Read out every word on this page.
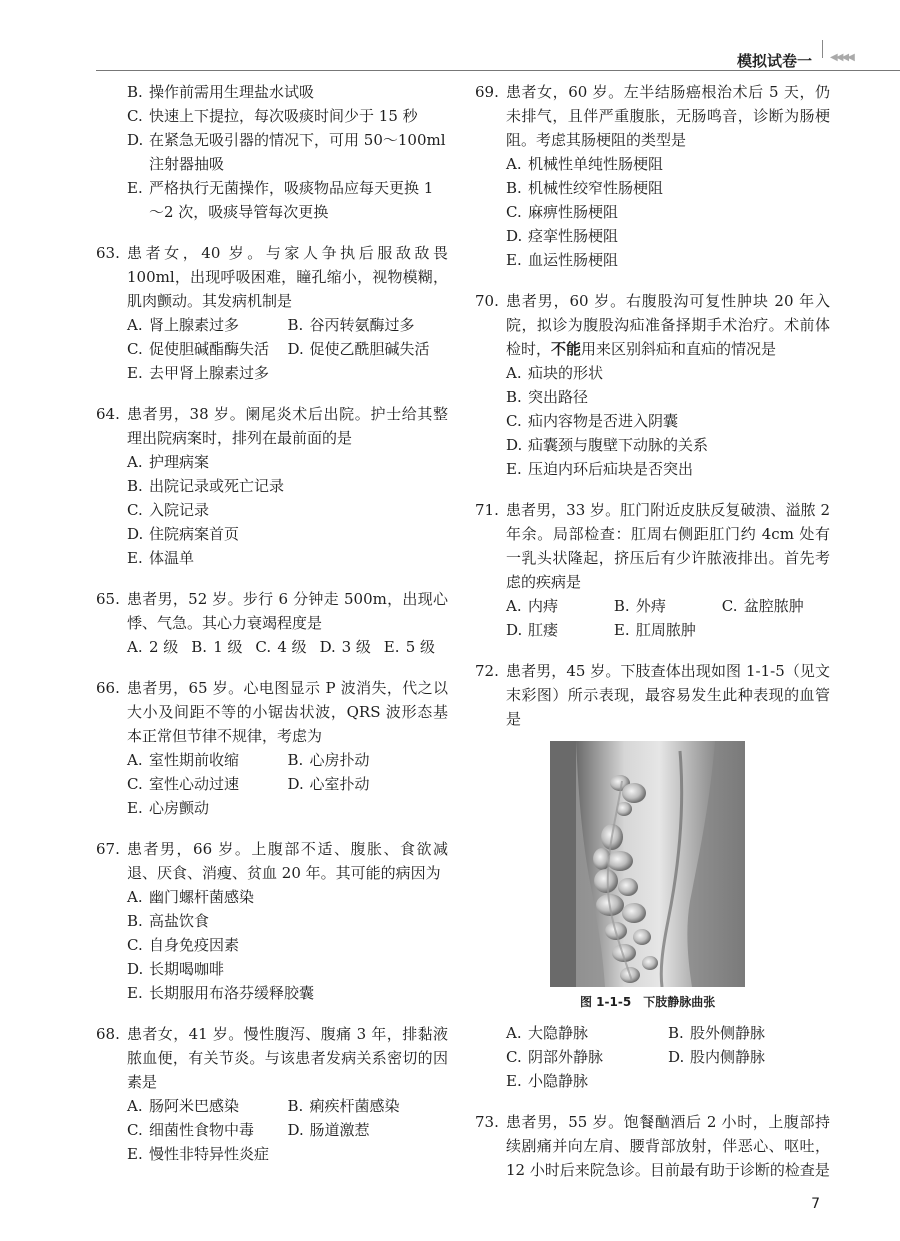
模拟试卷一	◀◀◀◀
B. 操作前需用生理盐水试吸
C. 快速上下提拉，每次吸痰时间少于 15 秒
D. 在紧急无吸引器的情况下，可用 50～100ml 注射器抽吸
E. 严格执行无菌操作，吸痰物品应每天更换 1～2 次，吸痰导管每次更换
63. 患者女，40 岁。与家人争执后服敌敌畏 100ml，出现呼吸困难，瞳孔缩小，视物模糊，肌肉颤动。其发病机制是
A. 肾上腺素过多	B. 谷丙转氨酶过多
C. 促使胆碱酯酶失活	D. 促使乙酰胆碱失活
E. 去甲肾上腺素过多
64. 患者男，38 岁。阑尾炎术后出院。护士给其整理出院病案时，排列在最前面的是
A. 护理病案
B. 出院记录或死亡记录
C. 入院记录
D. 住院病案首页
E. 体温单
65. 患者男，52 岁。步行 6 分钟走 500m，出现心悸、气急。其心力衰竭程度是
A. 2 级 B. 1 级 C. 4 级 D. 3 级 E. 5 级
66. 患者男，65 岁。心电图显示 P 波消失，代之以大小及间距不等的小锯齿状波，QRS 波形态基本正常但节律不规律，考虑为
A. 室性期前收缩	B. 心房扑动
C. 室性心动过速	D. 心室扑动
E. 心房颤动
67. 患者男，66 岁。上腹部不适、腹胀、食欲减退、厌食、消瘦、贫血 20 年。其可能的病因为
A. 幽门螺杆菌感染
B. 高盐饮食
C. 自身免疫因素
D. 长期喝咖啡
E. 长期服用布洛芬缓释胶囊
68. 患者女，41 岁。慢性腹泻、腹痛 3 年，排黏液脓血便，有关节炎。与该患者发病关系密切的因素是
A. 肠阿米巴感染	B. 痢疾杆菌感染
C. 细菌性食物中毒	D. 肠道激惹
E. 慢性非特异性炎症
69. 患者女，60 岁。左半结肠癌根治术后 5 天，仍未排气，且伴严重腹胀，无肠鸣音，诊断为肠梗阻。考虑其肠梗阻的类型是
A. 机械性单纯性肠梗阻
B. 机械性绞窄性肠梗阻
C. 麻痹性肠梗阻
D. 痉挛性肠梗阻
E. 血运性肠梗阻
70. 患者男，60 岁。右腹股沟可复性肿块 20 年入院，拟诊为腹股沟疝准备择期手术治疗。术前体检时，不能用来区别斜疝和直疝的情况是
A. 疝块的形状
B. 突出路径
C. 疝内容物是否进入阴囊
D. 疝囊颈与腹壁下动脉的关系
E. 压迫内环后疝块是否突出
71. 患者男，33 岁。肛门附近皮肤反复破溃、溢脓 2 年余。局部检查：肛周右侧距肛门约 4cm 处有一乳头状隆起，挤压后有少许脓液排出。首先考虑的疾病是
A. 内痔	B. 外痔	C. 盆腔脓肿
D. 肛瘘	E. 肛周脓肿
72. 患者男，45 岁。下肢查体出现如图 1-1-5（见文末彩图）所示表现，最容易发生此种表现的血管是
图 1-1-5 下肢静脉曲张
A. 大隐静脉	B. 股外侧静脉
C. 阴部外静脉	D. 股内侧静脉
E. 小隐静脉
73. 患者男，55 岁。饱餐酗酒后 2 小时，上腹部持续剧痛并向左肩、腰背部放射，伴恶心、呕吐，12 小时后来院急诊。目前最有助于诊断的检查是
7
